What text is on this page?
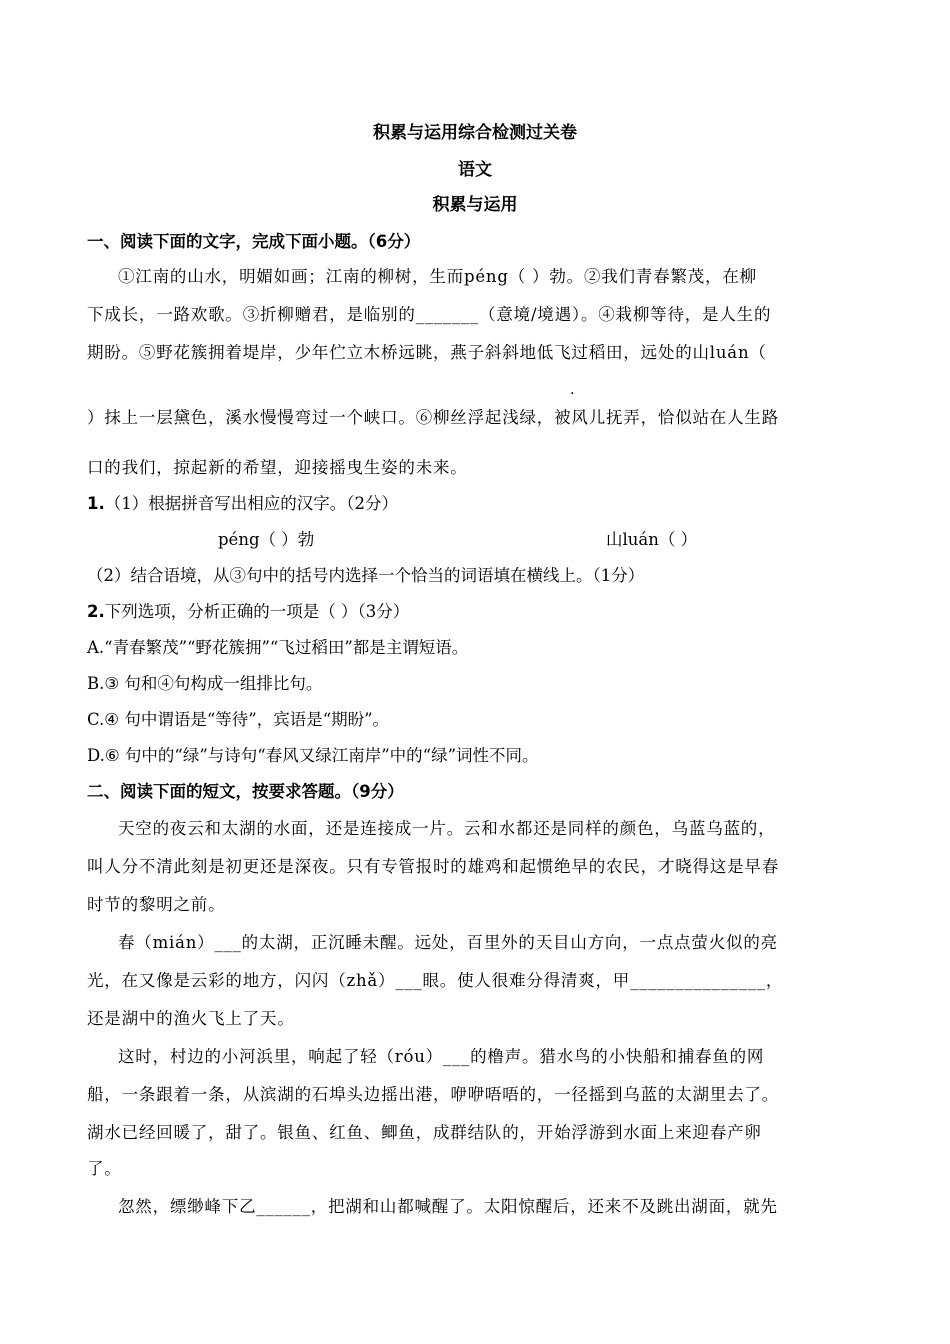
积累与运用综合检测过关卷
语文
积累与运用
一、阅读下面的文字，完成下面小题。（6分）
①江南的山水，明媚如画；江南的柳树，生而péng（ ）勃。②我们青春繁茂，在柳
下成长，一路欢歌。③折柳赠君，是临别的_______（意境/境遇）。④栽柳等待，是人生的
期盼。⑤野花簇拥着堤岸，少年伫立木桥远眺，燕子斜斜地低飞过稻田，远处的山luán（
·
）抹上一层黛色，溪水慢慢弯过一个峡口。⑥柳丝浮起浅绿，被风儿抚弄，恰似站在人生路
口的我们，掠起新的希望，迎接摇曳生姿的未来。
1.（1）根据拼音写出相应的汉字。（2分）
péng（ ）勃	山luán（ ）
（2）结合语境，从③句中的括号内选择一个恰当的词语填在横线上。（1分）
2.下列选项，分析正确的一项是（ ）（3分）
A.“青春繁茂”“野花簇拥”“飞过稻田”都是主谓短语。
B.③ 句和④句构成一组排比句。
C.④ 句中谓语是“等待”，宾语是“期盼”。
D.⑥ 句中的“绿”与诗句“春风又绿江南岸”中的“绿”词性不同。
二、阅读下面的短文，按要求答题。（9分）
天空的夜云和太湖的水面，还是连接成一片。云和水都还是同样的颜色，乌蓝乌蓝的，
叫人分不清此刻是初更还是深夜。只有专管报时的雄鸡和起惯绝早的农民，才晓得这是早春
时节的黎明之前。
春（mián）___的太湖，正沉睡未醒。远处，百里外的天目山方向，一点点萤火似的亮
光，在又像是云彩的地方，闪闪（zhǎ）___眼。使人很难分得清爽，甲_______________，
还是湖中的渔火飞上了天。
这时，村边的小河浜里，响起了轻（róu）___的橹声。猎水鸟的小快船和捕春鱼的网
船，一条跟着一条，从滨湖的石埠头边摇出港，咿咿唔唔的，一径摇到乌蓝的太湖里去了。
湖水已经回暖了，甜了。银鱼、红鱼、鲫鱼，成群结队的，开始浮游到水面上来迎春产卵
了。
忽然，缥缈峰下乙______，把湖和山都喊醒了。太阳惊醒后，还来不及跳出湖面，就先
